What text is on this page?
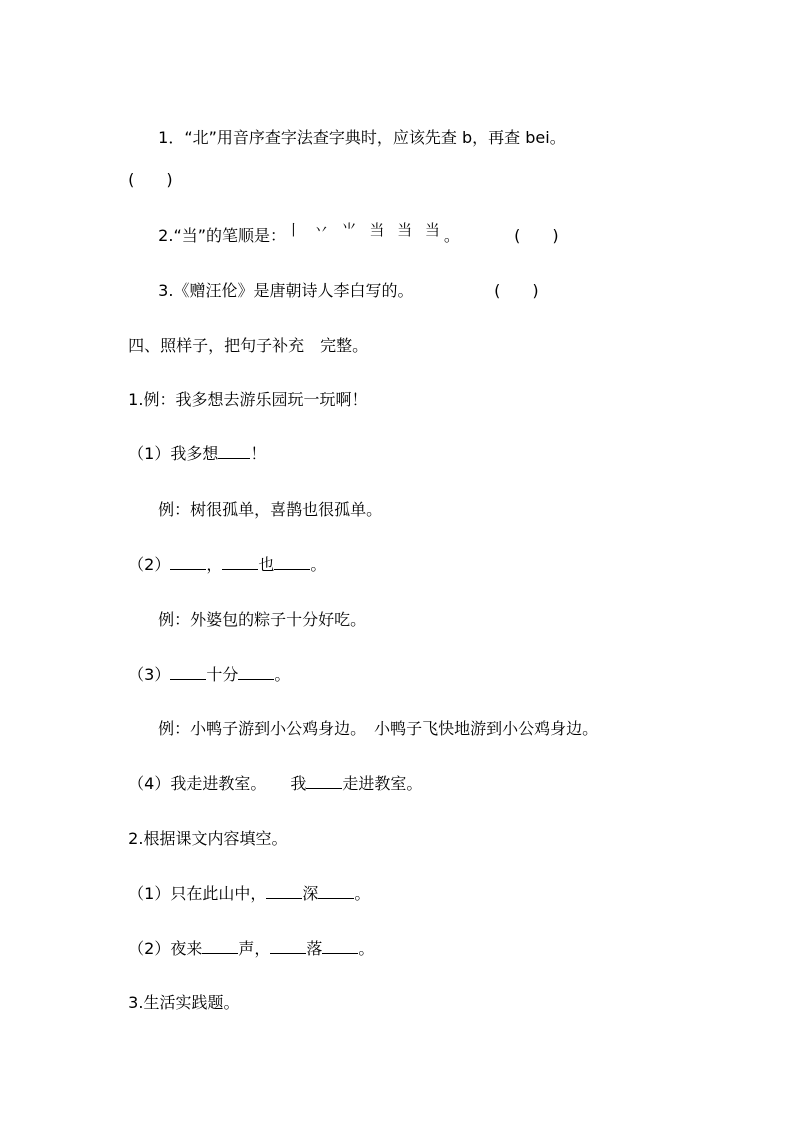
1．“北”用音序查字法查字典时，应该先查 b，再查 bei。

(　　)

2.“当”的笔顺是：丨 丷 ⺌ 当 当 当。	(　　)

3.《赠汪伦》是唐朝诗人李白写的。	(　　)

四、照样子，把句子补充　完整。

1.例：我多想去游乐园玩一玩啊！

（1）我多想 ！

例：树很孤单，喜鹊也很孤单。

（2） ， 也 。

例：外婆包的粽子十分好吃。

（3） 十分 。

例：小鸭子游到小公鸡身边。　小鸭子飞快地游到小公鸡身边。

（4）我走进教室。　　我 走进教室。

2.根据课文内容填空。

（1）只在此山中， 深 。

（2）夜来 声， 落 。

3.生活实践题。
